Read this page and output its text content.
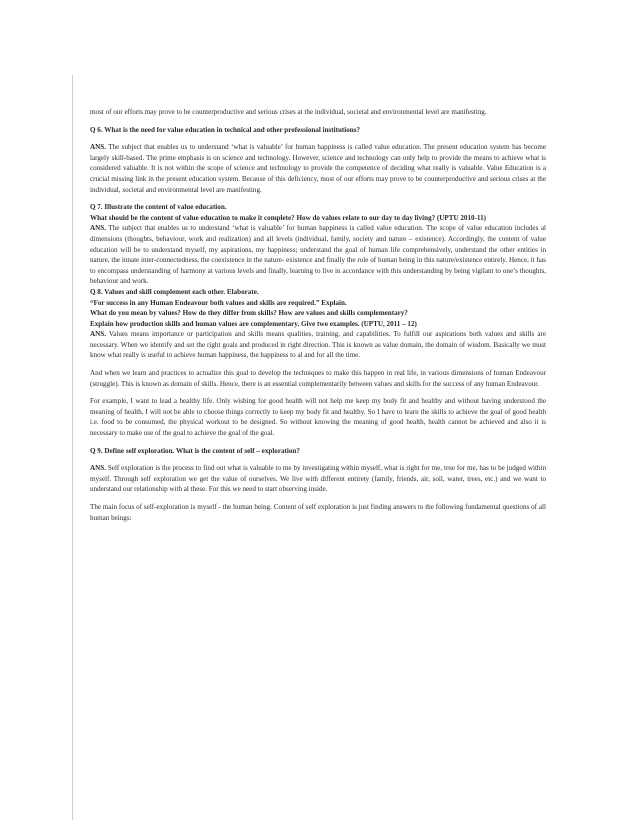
most of our efforts may prove to be counterproductive and serious crises at the individual, societal and environmental level are manifesting.

Q 6. What is the need for value education in technical and other professional institutions?

ANS. The subject that enables us to understand ‘what is valuable’ for human happiness is called value education. The present education system has become largely skill-based. The prime emphasis is on science and technology. However, science and technology can only help to provide the means to achieve what is considered valuable. It is not within the scope of science and technology to provide the competence of deciding what really is valuable. Value Education is a crucial missing link in the present education system. Because of this deficiency, most of our efforts may prove to be counterproductive and serious crises at the individual, societal and environmental level are manifesting.

Q 7. Illustrate the content of value education.
What should be the content of value education to make it complete? How do values relate to our day to day living? (UPTU 2010-11)

ANS. The subject that enables us to understand ‘what is valuable’ for human happiness is called value education. The scope of value education includes al dimensions (thoughts, behaviour, work and realization) and all levels (individual, family, society and nature – existence). Accordingly, the content of value education will be to understand myself, my aspirations, my happiness; understand the goal of human life comprehensively, understand the other entities in nature, the innate inter-connectedness, the coexistence in the nature- existence and finally the role of human being in this nature/existence entirely. Hence, it has to encompass understanding of harmony at various levels and finally, learning to live in accordance with this understanding by being vigilant to one’s thoughts, behaviour and work.

Q 8. Values and skill complement each other. Elaborate.
“For success in any Human Endeavour both values and skills are required.” Explain.
What do you mean by values? How do they differ from skills? How are values and skills complementary?
Explain how production skills and human values are complementary. Give two examples. (UPTU, 2011 – 12)

ANS. Values means importance or participation and skills means qualities, training, and capabilities. To fulfill our aspirations both values and skills are necessary. When we identify and set the right goals and produced in right direction. This is known as value domain, the domain of wisdom. Basically we must know what really is useful to achieve human happiness, the happiness to al and for all the time.

And when we learn and practices to actualize this goal to develop the techniques to make this happen in real life, in various dimensions of human Endeavour (struggle). This is known as domain of skills. Hence, there is an essential complementarily between values and skills for the success of any human Endeavour.

For example, I want to lead a healthy life. Only wishing for good health will not help me keep my body fit and healthy and without having understood the meaning of health, I will not be able to choose things correctly to keep my body fit and healthy. So I have to learn the skills to achieve the goal of good health i.e. food to be consumed, the physical workout to be designed. So without knowing the meaning of good health, health cannot be achieved and also it is necessary to make use of the goal to achieve the goal of the goal.

Q 9. Define self exploration. What is the content of self – exploration?

ANS. Self exploration is the process to find out what is valuable to me by investigating within myself, what is right for me, true for me, has to be judged within myself. Through self exploration we get the value of ourselves. We live with different entirety (family, friends, air, soil, water, trees, etc.) and we want to understand our relationship with al these. For this we need to start observing inside.

The main focus of self-exploration is myself - the human being. Content of self exploration is just finding answers to the following fundamental questions of all human beings:
